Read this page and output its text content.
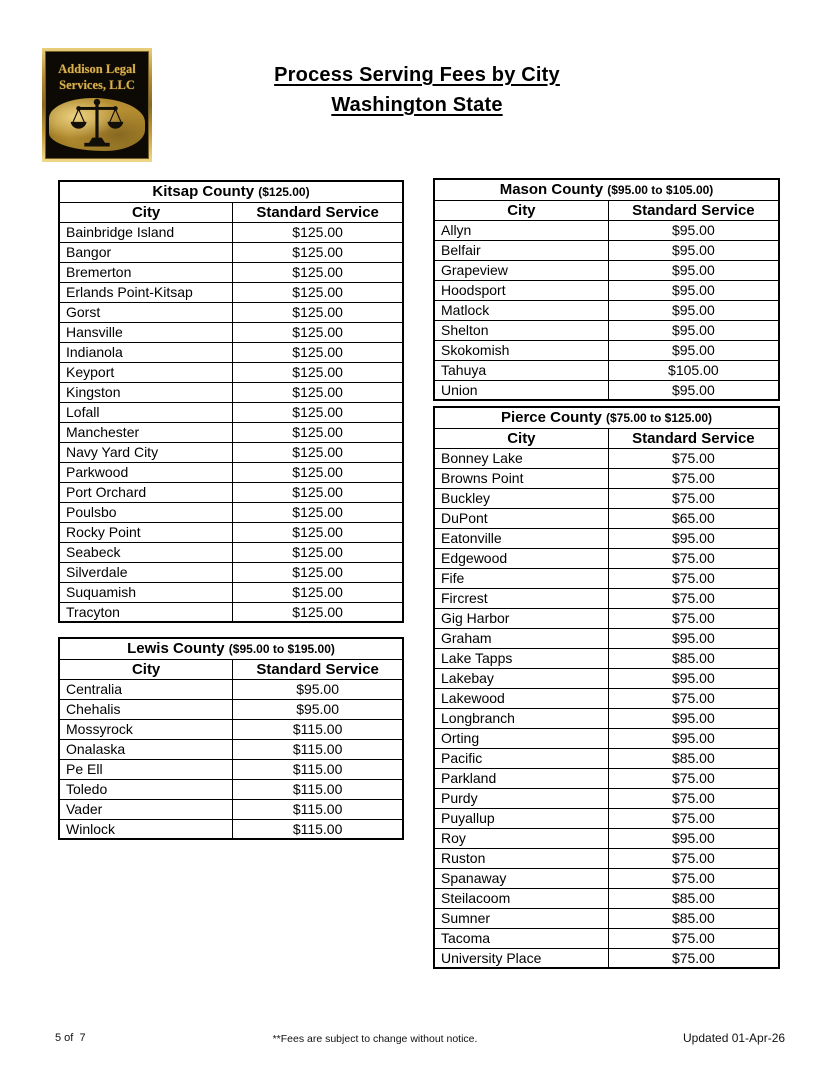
Addison Legal
Services, LLC	Process Serving Fees by City
Washington State
Kitsap County ($125.00)	
City	Standard Service
Bainbridge Island	$125.00
Bangor	$125.00
Bremerton	$125.00
Erlands Point-Kitsap	$125.00
Gorst	$125.00
Hansville	$125.00
Indianola	$125.00
Keyport	$125.00
Kingston	$125.00
Lofall	$125.00
Manchester	$125.00
Navy Yard City	$125.00
Parkwood	$125.00
Port Orchard	$125.00
Poulsbo	$125.00
Rocky Point	$125.00
Seabeck	$125.00
Silverdale	$125.00
Suquamish	$125.00
Tracyton	$125.00
Lewis County ($95.00 to $195.00)	
City	Standard Service
Centralia	$95.00
Chehalis	$95.00
Mossyrock	$115.00
Onalaska	$115.00
Pe Ell	$115.00
Toledo	$115.00
Vader	$115.00
Winlock	$115.00
Mason County ($95.00 to $105.00)	
City	Standard Service
Allyn	$95.00
Belfair	$95.00
Grapeview	$95.00
Hoodsport	$95.00
Matlock	$95.00
Shelton	$95.00
Skokomish	$95.00
Tahuya	$105.00
Union	$95.00
Pierce County ($75.00 to $125.00)	
City	Standard Service
Bonney Lake	$75.00
Browns Point	$75.00
Buckley	$75.00
DuPont	$65.00
Eatonville	$95.00
Edgewood	$75.00
Fife	$75.00
Fircrest	$75.00
Gig Harbor	$75.00
Graham	$95.00
Lake Tapps	$85.00
Lakebay	$95.00
Lakewood	$75.00
Longbranch	$95.00
Orting	$95.00
Pacific	$85.00
Parkland	$75.00
Purdy	$75.00
Puyallup	$75.00
Roy	$95.00
Ruston	$75.00
Spanaway	$75.00
Steilacoom	$85.00
Sumner	$85.00
Tacoma	$75.00
University Place	$75.00
5 of  7	**Fees are subject to change without notice.	Updated 01-Apr-26
